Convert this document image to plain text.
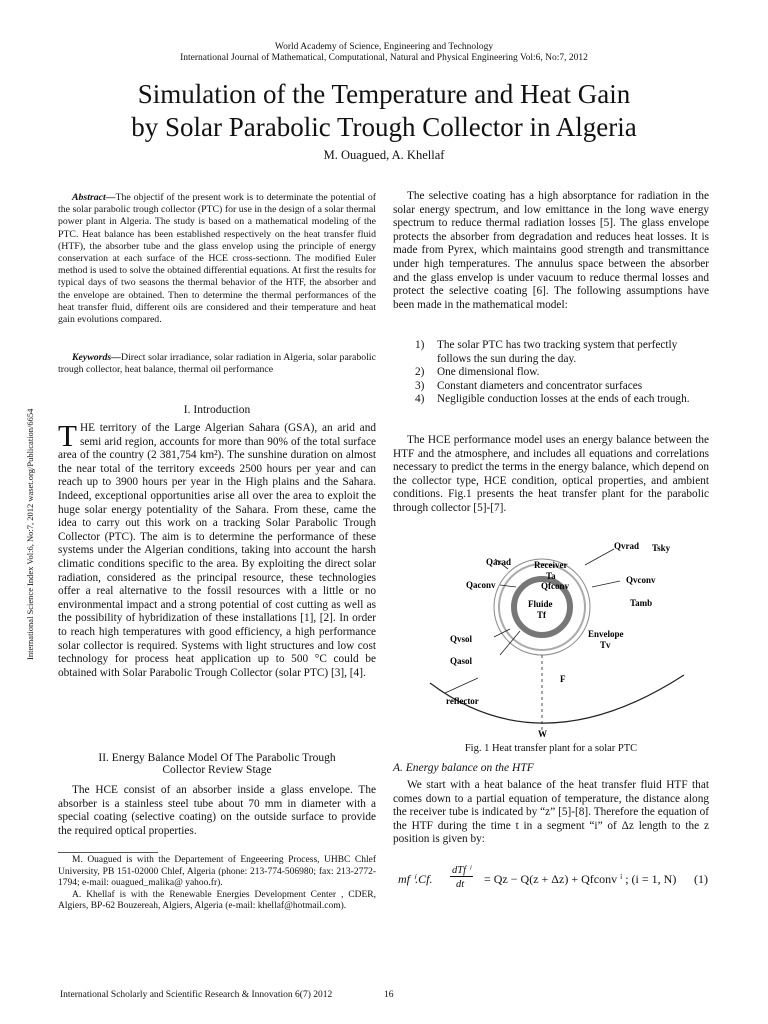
World Academy of Science, Engineering and Technology
International Journal of Mathematical, Computational, Natural and Physical Engineering Vol:6, No:7, 2012
Simulation of the Temperature and Heat Gain
by Solar Parabolic Trough Collector in Algeria
M. Ouagued, A. Khellaf
International Science Index Vol:6, No:7, 2012 waset.org/Publication/6654

Abstract—The objectif of the present work is to determinate the potential of the solar parabolic trough collector (PTC) for use in the design of a solar thermal power plant in Algeria. The study is based on a mathematical modeling of the PTC. Heat balance has been established respectively on the heat transfer fluid (HTF), the absorber tube and the glass envelop using the principle of energy conservation at each surface of the HCE cross-sectionn. The modified Euler method is used to solve the obtained differential equations. At first the results for typical days of two seasons the thermal behavior of the HTF, the absorber and the envelope are obtained. Then to determine the thermal performances of the heat transfer fluid, different oils are considered and their temperature and heat gain evolutions compared.

Keywords—Direct solar irradiance, solar radiation in Algeria, solar parabolic trough collector, heat balance, thermal oil performance

I. Introduction

THE territory of the Large Algerian Sahara (GSA), an arid and semi arid region, accounts for more than 90% of the total surface area of the country (2 381,754 km²). The sunshine duration on almost the near total of the territory exceeds 2500 hours per year and can reach up to 3900 hours per year in the High plains and the Sahara. Indeed, exceptional opportunities arise all over the area to exploit the huge solar energy potentiality of the Sahara. From these, came the idea to carry out this work on a tracking Solar Parabolic Trough Collector (PTC). The aim is to determine the performance of these systems under the Algerian conditions, taking into account the harsh climatic conditions specific to the area. By exploiting the direct solar radiation, considered as the principal resource, these technologies offer a real alternative to the fossil resources with a little or no environmental impact and a strong potential of cost cutting as well as the possibility of hybridization of these installations [1], [2]. In order to reach high temperatures with good efficiency, a high performance solar collector is required. Systems with light structures and low cost technology for process heat application up to 500 °C could be obtained with Solar Parabolic Trough Collector (solar PTC) [3], [4].

II. Energy Balance Model Of The Parabolic Trough
Collector Review Stage

The HCE consist of an absorber inside a glass envelope. The absorber is a stainless steel tube about 70 mm in diameter with a special coating (selective coating) on the outside surface to provide the required optical properties.

M. Ouagued is with the Departement of Engeeering Process, UHBC Chlef University, PB 151-02000 Chlef, Algeria (phone: 213-774-506980; fax: 213-2772-1794; e-mail: ouagued_malika@ yahoo.fr).

A. Khellaf is with the Renewable Energies Development Center , CDER, Algiers, BP-62 Bouzereah, Algiers, Algeria (e-mail: khellaf@hotmail.com).

The selective coating has a high absorptance for radiation in the solar energy spectrum, and low emittance in the long wave energy spectrum to reduce thermal radiation losses [5]. The glass envelope protects the absorber from degradation and reduces heat losses. It is made from Pyrex, which maintains good strength and transmittance under high temperatures. The annulus space between the absorber and the glass envelop is under vacuum to reduce thermal losses and protect the selective coating [6]. The following assumptions have been made in the mathematical model:

1) The solar PTC has two tracking system that perfectly follows the sun during the day.
2) One dimensional flow.
3) Constant diameters and concentrator surfaces
4) Negligible conduction losses at the ends of each trough.

The HCE performance model uses an energy balance between the HTF and the atmosphere, and includes all equations and correlations necessary to predict the terms in the energy balance, which depend on the collector type, HCE condition, optical properties, and ambient conditions. Fig.1 presents the heat transfer plant for the parabolic through collector [5]-[7].

Qvrad Tsky
Qarad	Receiver
Ta
Qfconv
Qaconv	Qvconv
Fluide
Tf
Tamb
Envelope
Tv
Qvsol
Qasol
F
reflector
W
Fig. 1 Heat transfer plant for a solar PTC
A. Energy balance on the HTF

We start with a heat balance of the heat transfer fluid HTF that comes down to a partial equation of temperature, the distance along the receiver tube is indicated by “z” [5]-[8]. Therefore the equation of the HTF during the time t in a segment “i” of Δz length to the z position is given by:

mf ⁱ.Cf.
dTf ⁱ
dt = Qz − Q(z + Δz) + Qfconv ⁱ ; (i = 1, N) (1)
International Scholarly and Scientific Research & Innovation 6(7) 2012	16
